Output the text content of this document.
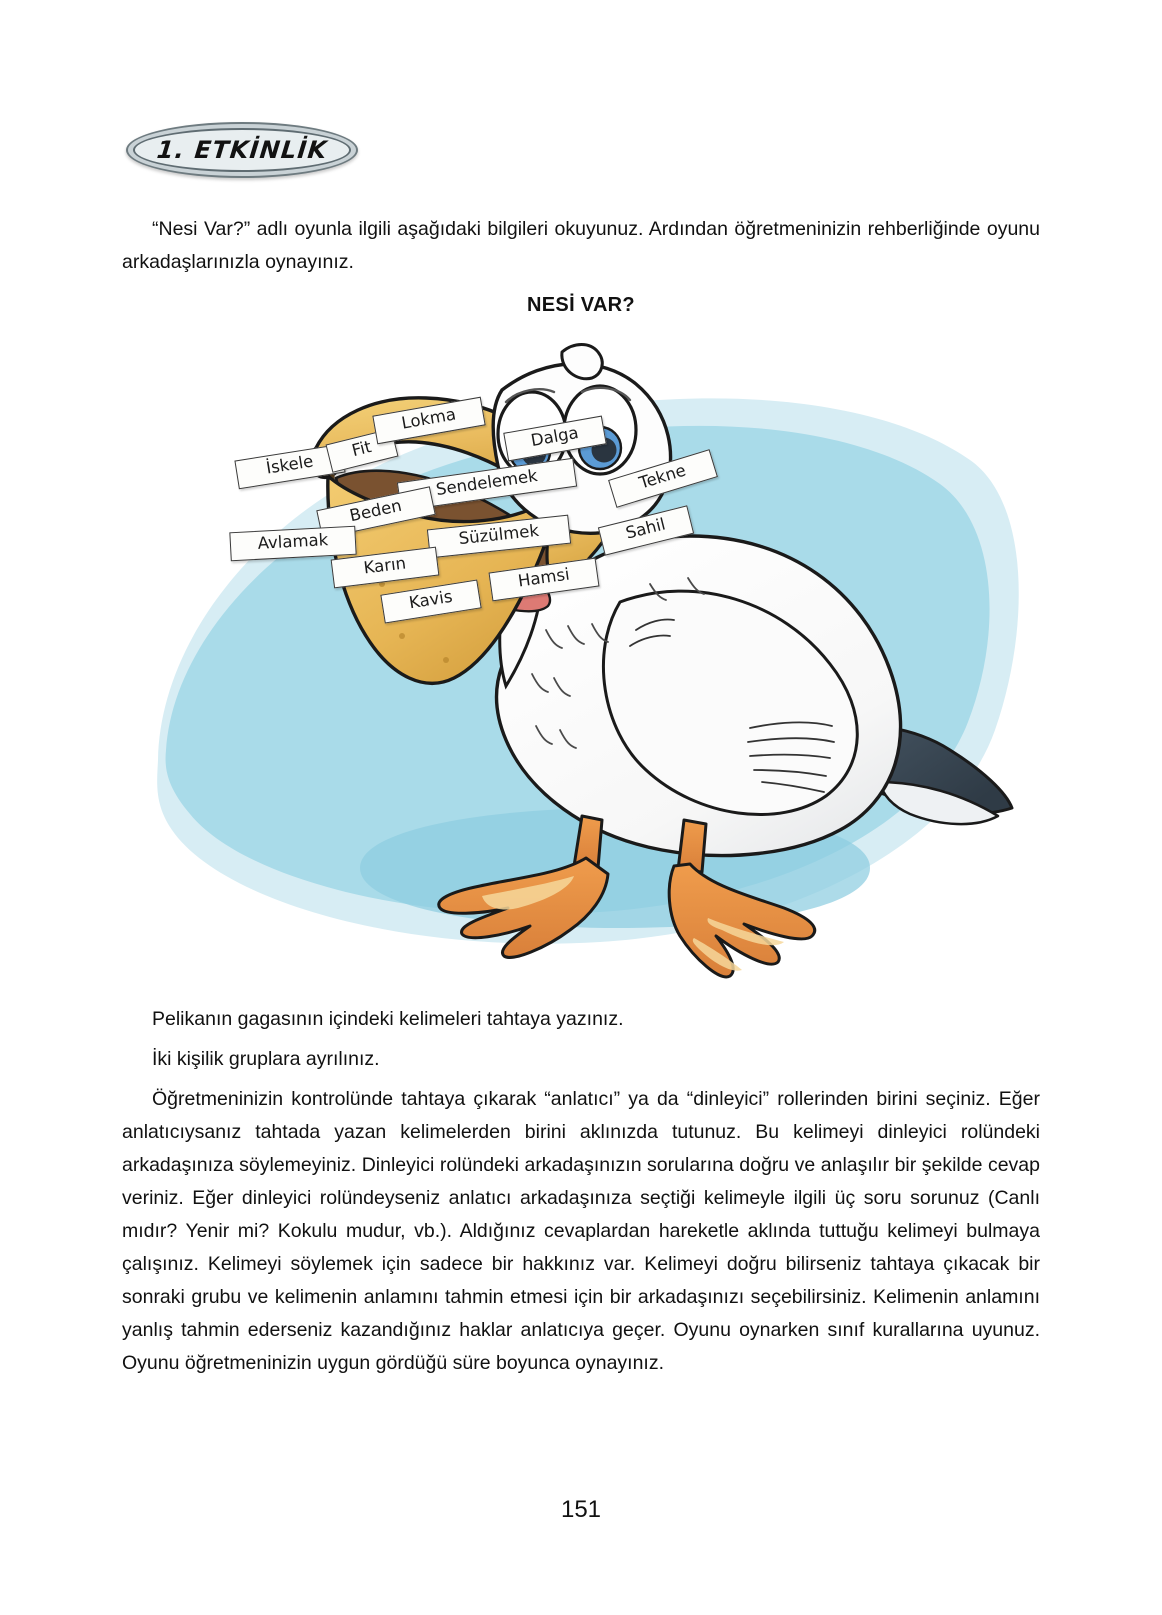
1. ETKİNLİK

“Nesi Var?” adlı oyunla ilgili aşağıdaki bilgileri okuyunuz. Ardından öğretmeninizin rehberliğinde oyunu arkadaşlarınızla oynayınız.

NESİ VAR?
İskele
Fit
Lokma
Dalga
Sendelemek	Tekne
Beden
Avlamak	Süzülmek	Sahil
Karın	Hamsi
Kavis

Pelikanın gagasının içindeki kelimeleri tahtaya yazınız.

İki kişilik gruplara ayrılınız.

Öğretmeninizin kontrolünde tahtaya çıkarak “anlatıcı” ya da “dinleyici” rollerinden birini seçiniz. Eğer anlatıcıysanız tahtada yazan kelimelerden birini aklınızda tutunuz. Bu kelimeyi dinleyici rolündeki arkadaşınıza söylemeyiniz. Dinleyici rolündeki arkadaşınızın sorularına doğru ve anlaşılır bir şekilde cevap veriniz. Eğer dinleyici rolündeyseniz anlatıcı arkadaşınıza seçtiği kelimeyle ilgili üç soru sorunuz (Canlı mıdır? Yenir mi? Kokulu mudur, vb.). Aldığınız cevaplardan hareketle aklında tuttuğu kelimeyi bulmaya çalışınız. Kelimeyi söylemek için sadece bir hakkınız var. Kelimeyi doğru bilirseniz tahtaya çıkacak bir sonraki grubu ve kelimenin anlamını tahmin etmesi için bir arkadaşınızı seçebilirsiniz. Kelimenin anlamını yanlış tahmin ederseniz kazandığınız haklar anlatıcıya geçer. Oyunu oynarken sınıf kurallarına uyunuz. Oyunu öğretmeninizin uygun gördüğü süre boyunca oynayınız.

151
